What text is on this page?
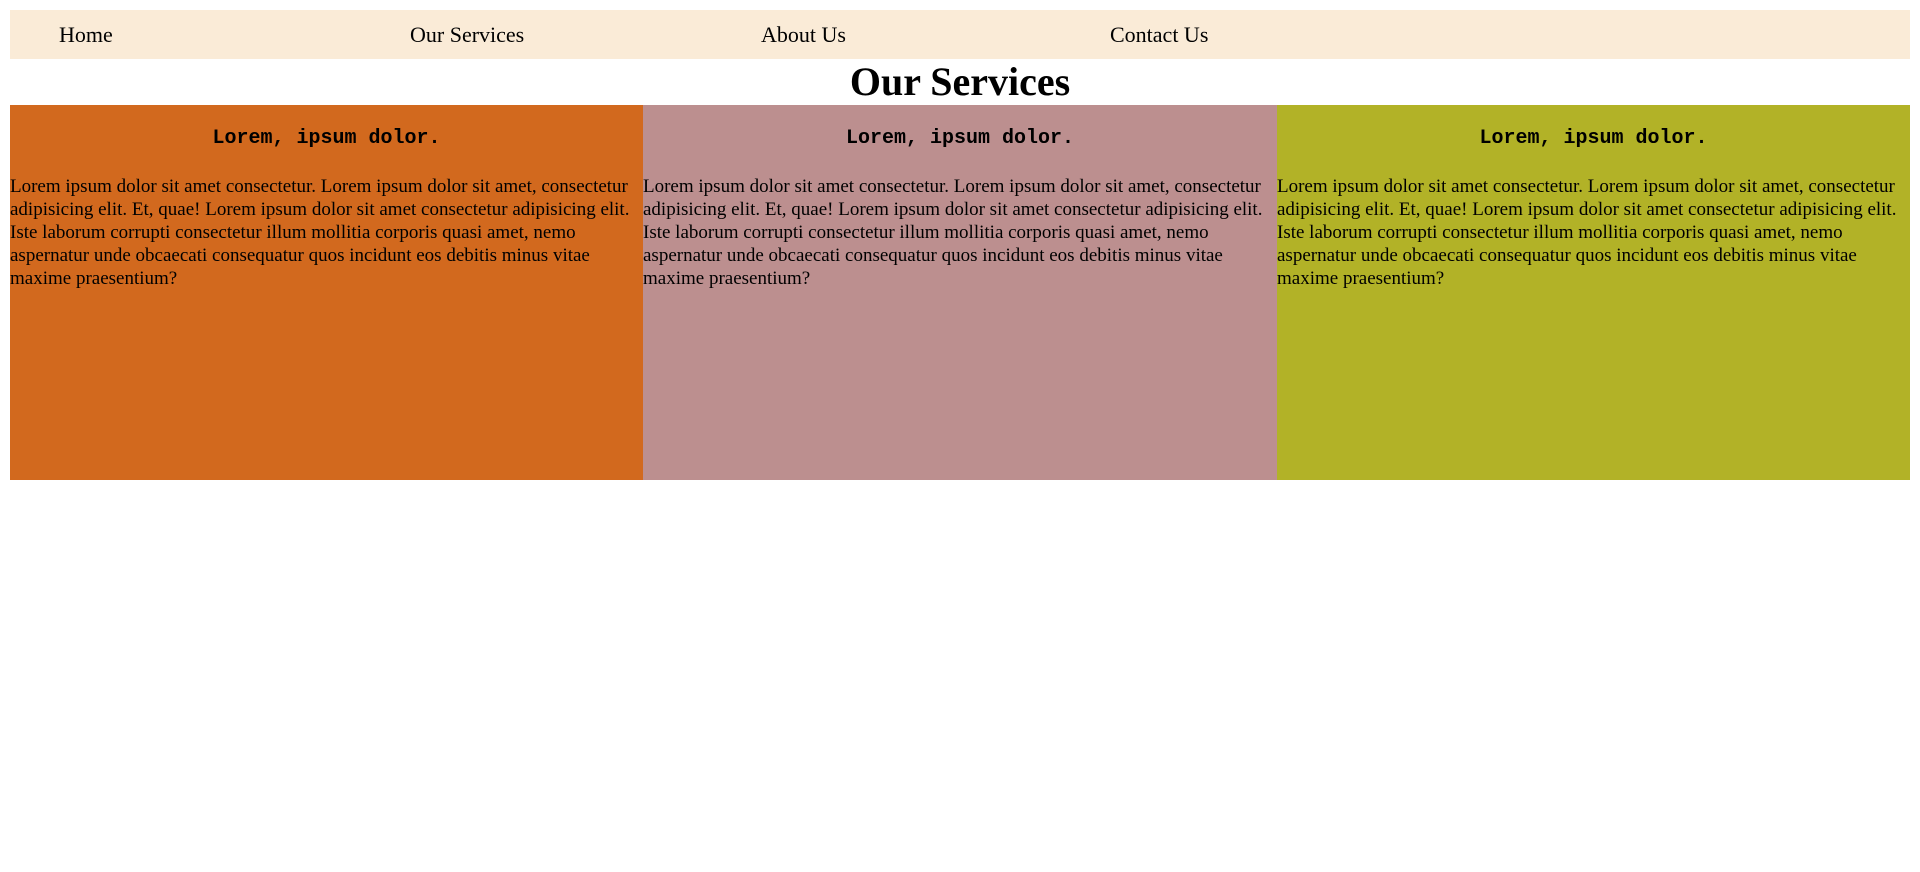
Home	Our Services	About Us	Contact Us
Our Services
Lorem, ipsum dolor.

Lorem ipsum dolor sit amet consectetur. Lorem ipsum dolor sit amet, consectetur adipisicing elit. Et, quae! Lorem ipsum dolor sit amet consectetur adipisicing elit. Iste laborum corrupti consectetur illum mollitia corporis quasi amet, nemo
aspernatur unde obcaecati consequatur quos incidunt eos debitis minus vitae maxime praesentium?

Lorem, ipsum dolor.

Lorem ipsum dolor sit amet consectetur. Lorem ipsum dolor sit amet, consectetur adipisicing elit. Et, quae! Lorem ipsum dolor sit amet consectetur adipisicing elit. Iste laborum corrupti consectetur illum mollitia corporis quasi amet, nemo
aspernatur unde obcaecati consequatur quos incidunt eos debitis minus vitae maxime praesentium?

Lorem, ipsum dolor.

Lorem ipsum dolor sit amet consectetur. Lorem ipsum dolor sit amet, consectetur adipisicing elit. Et, quae! Lorem ipsum dolor sit amet consectetur adipisicing elit. Iste laborum corrupti consectetur illum mollitia corporis quasi amet, nemo
aspernatur unde obcaecati consequatur quos incidunt eos debitis minus vitae maxime praesentium?
